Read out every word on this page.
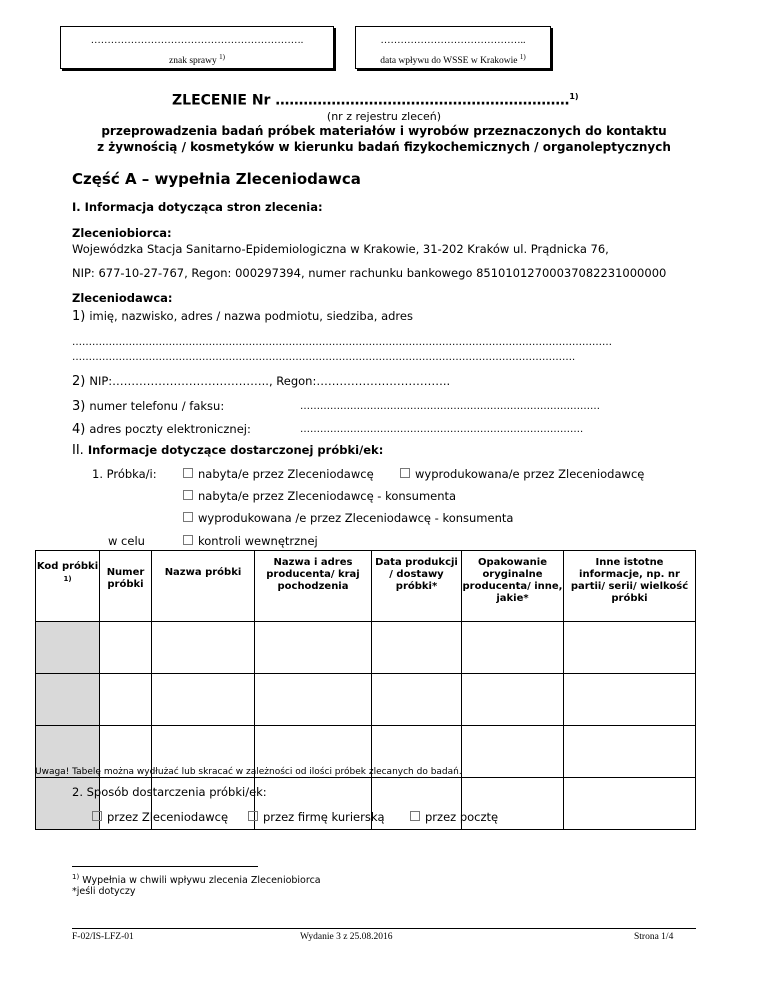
……………………………………………………….
znak sprawy $^{1)}$
……………………………………..
data wpływu do WSSE w Krakowie $^{1)}$
ZLECENIE Nr ………………………………………………………$^{1)}$
(nr z rejestru zleceń)
przeprowadzenia badań próbek materiałów i wyrobów przeznaczonych do kontaktu
z żywnością / kosmetyków w kierunku badań fizykochemicznych / organoleptycznych
Część A – wypełnia Zleceniodawca
I. Informacja dotycząca stron zlecenia:
Zleceniobiorca:
Wojewódzka Stacja Sanitarno-Epidemiologiczna w Krakowie, 31-202 Kraków ul. Prądnicka 76,
NIP: 677-10-27-767, Regon: 000297394, numer rachunku bankowego 85101012700037082231000000
Zleceniodawca:
1) imię, nazwisko, adres / nazwa podmiotu, siedziba, adres
………………………………………………………………………………………………………………………………………………
…………………………………………………………………………………………………………………………………….
2) NIP:………………………………….., Regon:……………………………..
3) numer telefonu / faksu:	………………………………………………………………………………
4) adres poczty elektronicznej:	………………………………………………………………………….
II. Informacje dotyczące dostarczonej próbki/ek:
1. Próbka/i:	nabyta/e przez Zleceniodawcę	wyprodukowana/e przez Zleceniodawcę
nabyta/e przez Zleceniodawcę - konsumenta
wyprodukowana /e przez Zleceniodawcę - konsumenta
w celu	kontroli wewnętrznej
Kod próbki
$^{1)}$	Numer próbki	Nazwa próbki	Nazwa i adres producenta/ kraj pochodzenia	Data produkcji / dostawy próbki*	Opakowanie oryginalne producenta/ inne, jakie*	Inne istotne informacje, np. nr partii/ serii/ wielkość próbki

Uwaga! Tabelę można wydłużać lub skracać w zależności od ilości próbek zlecanych do badań.
2. Sposób dostarczenia próbki/ek:
przez Zleceniodawcę	przez firmę kurierską	przez pocztę
$^{1)}$ Wypełnia w chwili wpływu zlecenia Zleceniobiorca
*jeśli dotyczy
F-02/IS-LFZ-01	Wydanie 3 z 25.08.2016	Strona 1/4
